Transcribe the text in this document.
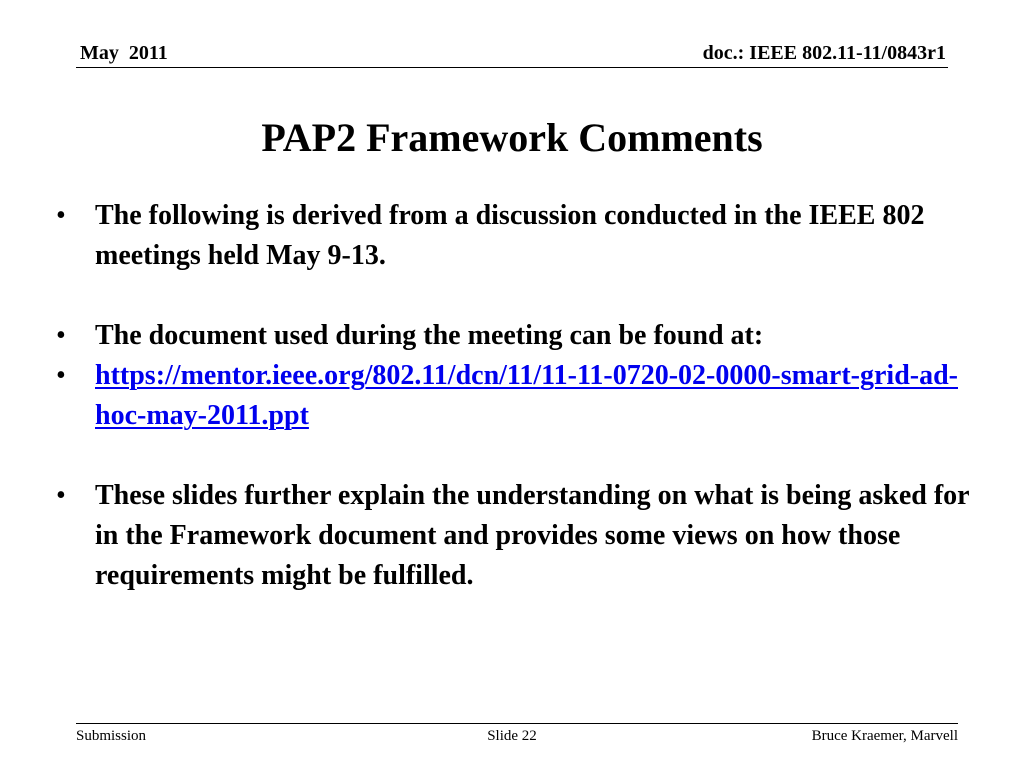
May  2011	doc.: IEEE 802.11-11/0843r1
PAP2 Framework Comments
• The following is derived from a discussion conducted in the IEEE 802 meetings held May 9-13.
• The document used during the meeting can be found at:
• https://mentor.ieee.org/802.11/dcn/11/11-11-0720-02-0000-smart-grid-ad-hoc-may-2011.ppt
• These slides further explain the understanding on what is being asked for in the Framework document and provides some views on how those requirements might be fulfilled.
Submission	Slide 22	Bruce Kraemer, Marvell
